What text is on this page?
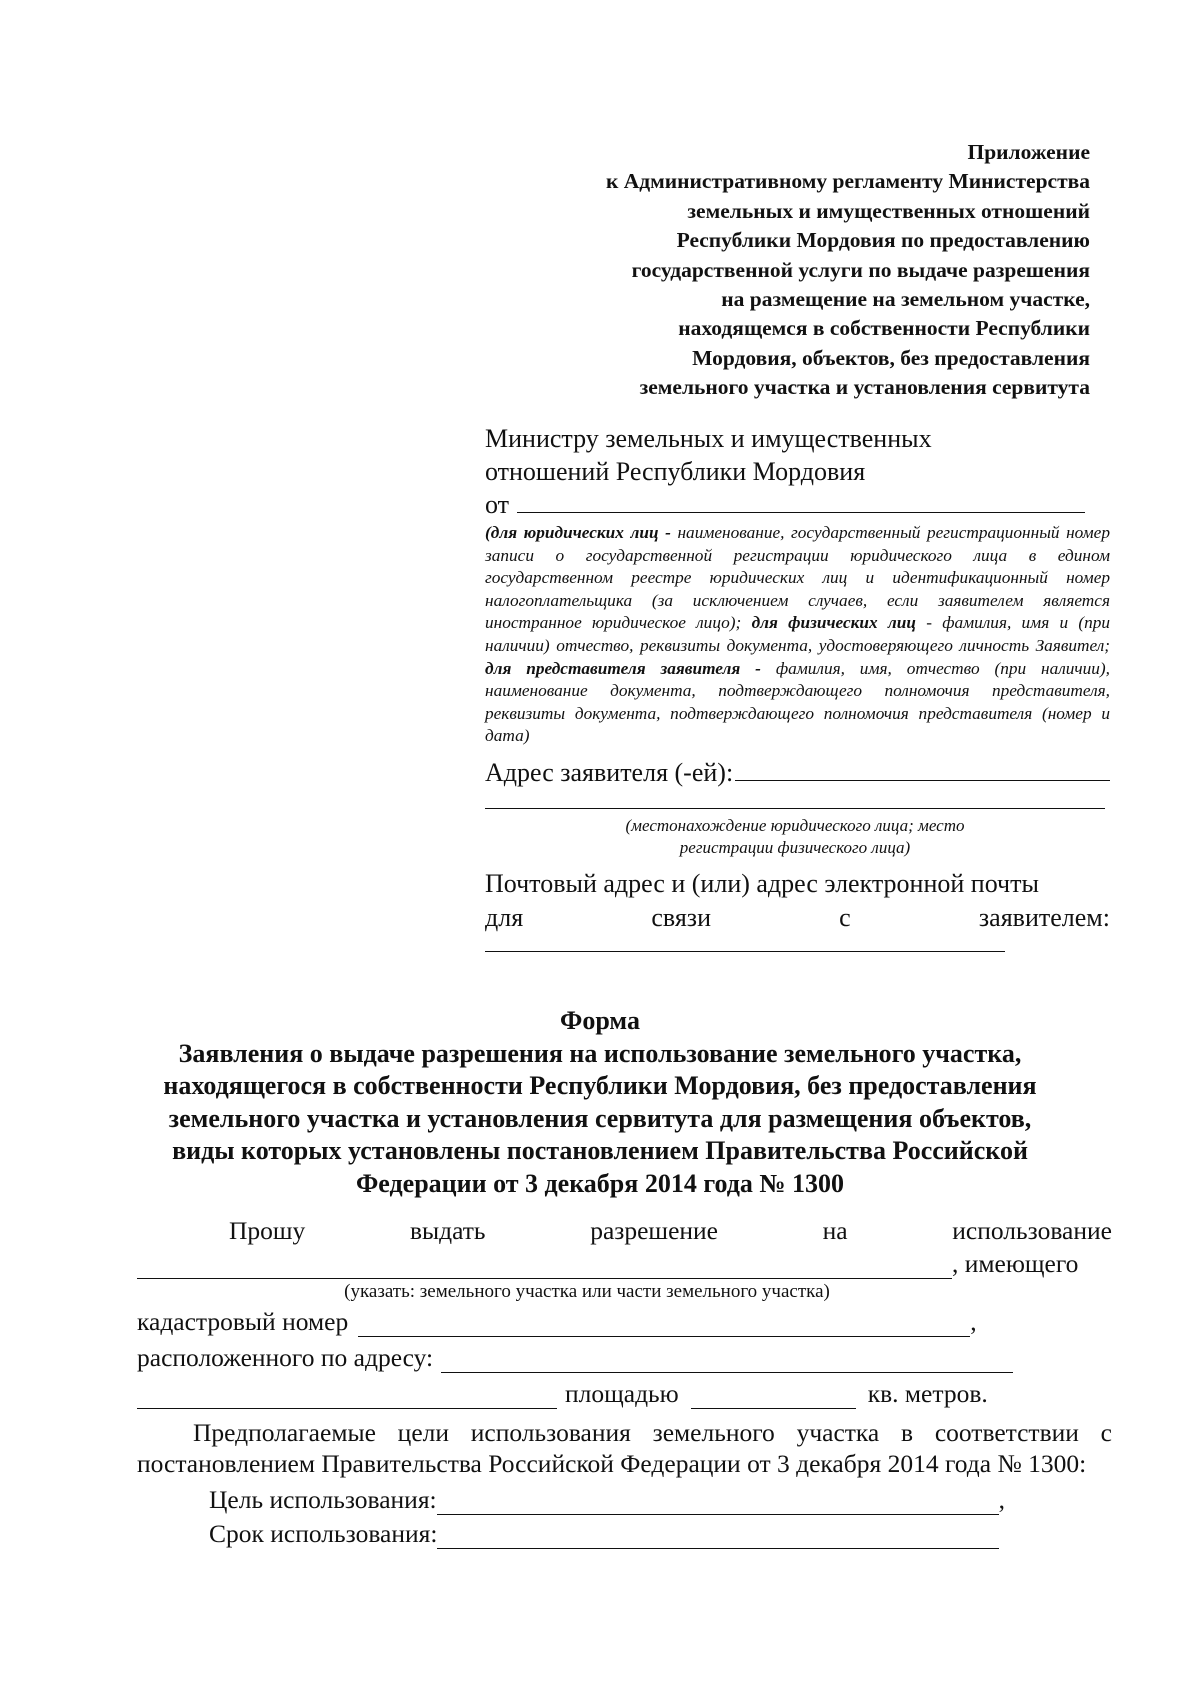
Приложение
к Административному регламенту Министерства
земельных и имущественных отношений
Республики Мордовия по предоставлению
государственной услуги по выдаче разрешения
на размещение на земельном участке,
находящемся в собственности Республики
Мордовия, объектов, без предоставления
земельного участка и установления сервитута
Министру земельных и имущественных
отношений Республики Мордовия
от
(для юридических лиц - наименование, государственный регистрационный номер записи о государственной регистрации юридического лица в едином государственном реестре юридических лиц и идентификационный номер налогоплательщика (за исключением случаев, если заявителем является иностранное юридическое лицо); для физических лиц - фамилия, имя и (при наличии) отчество, реквизиты документа, удостоверяющего личность Заявител; для представителя заявителя - фамилия, имя, отчество (при наличии), наименование документа, подтверждающего полномочия представителя, реквизиты документа, подтверждающего полномочия представителя (номер и дата)
Адрес заявителя (-ей):
(местонахождение юридического лица; место
регистрации физического лица)
Почтовый адрес и (или) адрес электронной почты
для	связи	с	заявителем:
Форма
Заявления о выдаче разрешения на использование земельного участка,
находящегося в собственности Республики Мордовия, без предоставления
земельного участка и установления сервитута для размещения объектов,
виды которых установлены постановлением Правительства Российской
Федерации от 3 декабря 2014 года № 1300
Прошу	выдать	разрешение	на	использование
, имеющего
(указать: земельного участка или части земельного участка)
кадастровый номер	,
расположенного по адресу:
площадью	кв. метров.
Предполагаемые цели использования земельного участка в соответствии с постановлением Правительства Российской Федерации от 3 декабря 2014 года № 1300:
Цель использования:	,
Срок использования:
